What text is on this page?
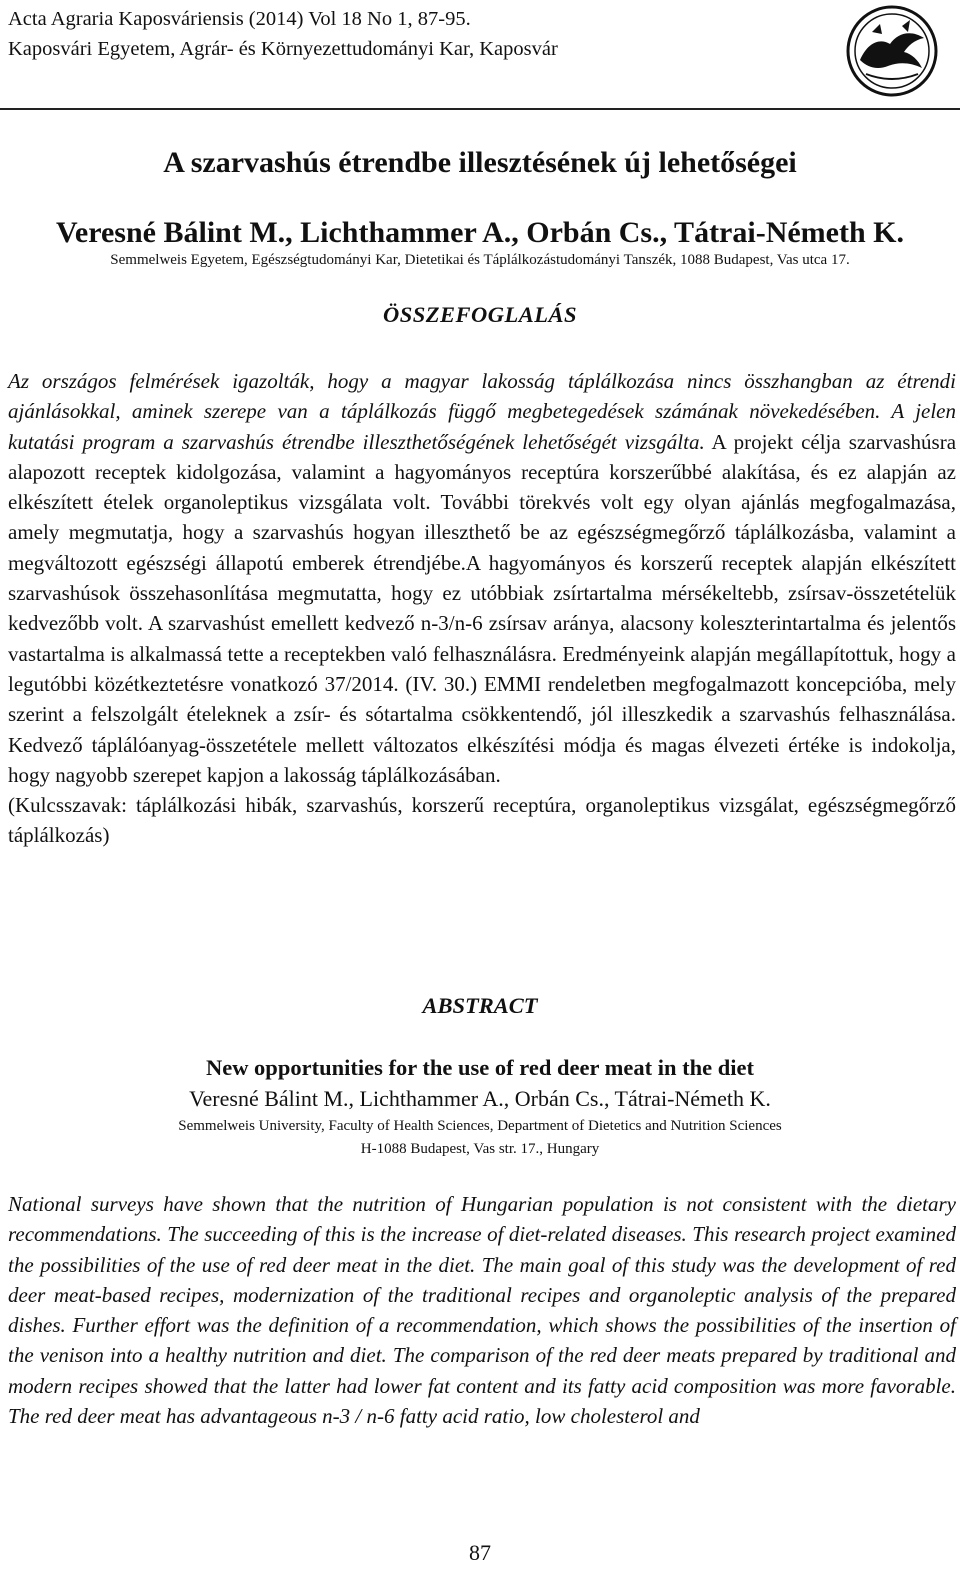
Acta Agraria Kaposváriensis (2014) Vol 18 No 1, 87-95.
Kaposvári Egyetem, Agrár- és Környezettudományi Kar, Kaposvár
A szarvashús étrendbe illesztésének új lehetőségei
Veresné Bálint M., Lichthammer A., Orbán Cs., Tátrai-Németh K.
Semmelweis Egyetem, Egészségtudományi Kar, Dietetikai és Táplálkozástudományi Tanszék, 1088 Budapest, Vas utca 17.
ÖSSZEFOGLALÁS
Az országos felmérések igazolták, hogy a magyar lakosság táplálkozása nincs összhangban az étrendi ajánlásokkal, aminek szerepe van a táplálkozás függő megbetegedések számának növekedésében. A jelen kutatási program a szarvashús étrendbe illeszthetőségének lehetőségét vizsgálta. A projekt célja szarvashúsra alapozott receptek kidolgozása, valamint a hagyományos receptúra korszerűbbé alakítása, és ez alapján az elkészített ételek organoleptikus vizsgálata volt. További törekvés volt egy olyan ajánlás megfogalmazása, amely megmutatja, hogy a szarvashús hogyan illeszthető be az egészségmegőrző táplálkozásba, valamint a megváltozott egészségi állapotú emberek étrendjébe.A hagyományos és korszerű receptek alapján elkészített szarvashúsok összehasonlítása megmutatta, hogy ez utóbbiak zsírtartalma mérsékeltebb, zsírsav-összetételük kedvezőbb volt. A szarvashúst emellett kedvező n-3/n-6 zsírsav aránya, alacsony koleszterintartalma és jelentős vastartalma is alkalmassá tette a receptekben való felhasználásra. Eredményeink alapján megállapítottuk, hogy a legutóbbi közétkeztetésre vonatkozó 37/2014. (IV. 30.) EMMI rendeletben megfogalmazott koncepcióba, mely szerint a felszolgált ételeknek a zsír- és sótartalma csökkentendő, jól illeszkedik a szarvashús felhasználása. Kedvező táplálóanyag-összetétele mellett változatos elkészítési módja és magas élvezeti értéke is indokolja, hogy nagyobb szerepet kapjon a lakosság táplálkozásában.
(Kulcsszavak: táplálkozási hibák, szarvashús, korszerű receptúra, organoleptikus vizsgálat, egészségmegőrző táplálkozás)
ABSTRACT
New opportunities for the use of red deer meat in the diet
Veresné Bálint M., Lichthammer A., Orbán Cs., Tátrai-Németh K.
Semmelweis University, Faculty of Health Sciences, Department of Dietetics and Nutrition Sciences
H-1088 Budapest, Vas str. 17., Hungary
National surveys have shown that the nutrition of Hungarian population is not consistent with the dietary recommendations. The succeeding of this is the increase of diet-related diseases. This research project examined the possibilities of the use of red deer meat in the diet. The main goal of this study was the development of red deer meat-based recipes, modernization of the traditional recipes and organoleptic analysis of the prepared dishes. Further effort was the definition of a recommendation, which shows the possibilities of the insertion of the venison into a healthy nutrition and diet. The comparison of the red deer meats prepared by traditional and modern recipes showed that the latter had lower fat content and its fatty acid composition was more favorable. The red deer meat has advantageous n-3 / n-6 fatty acid ratio, low cholesterol and
87
